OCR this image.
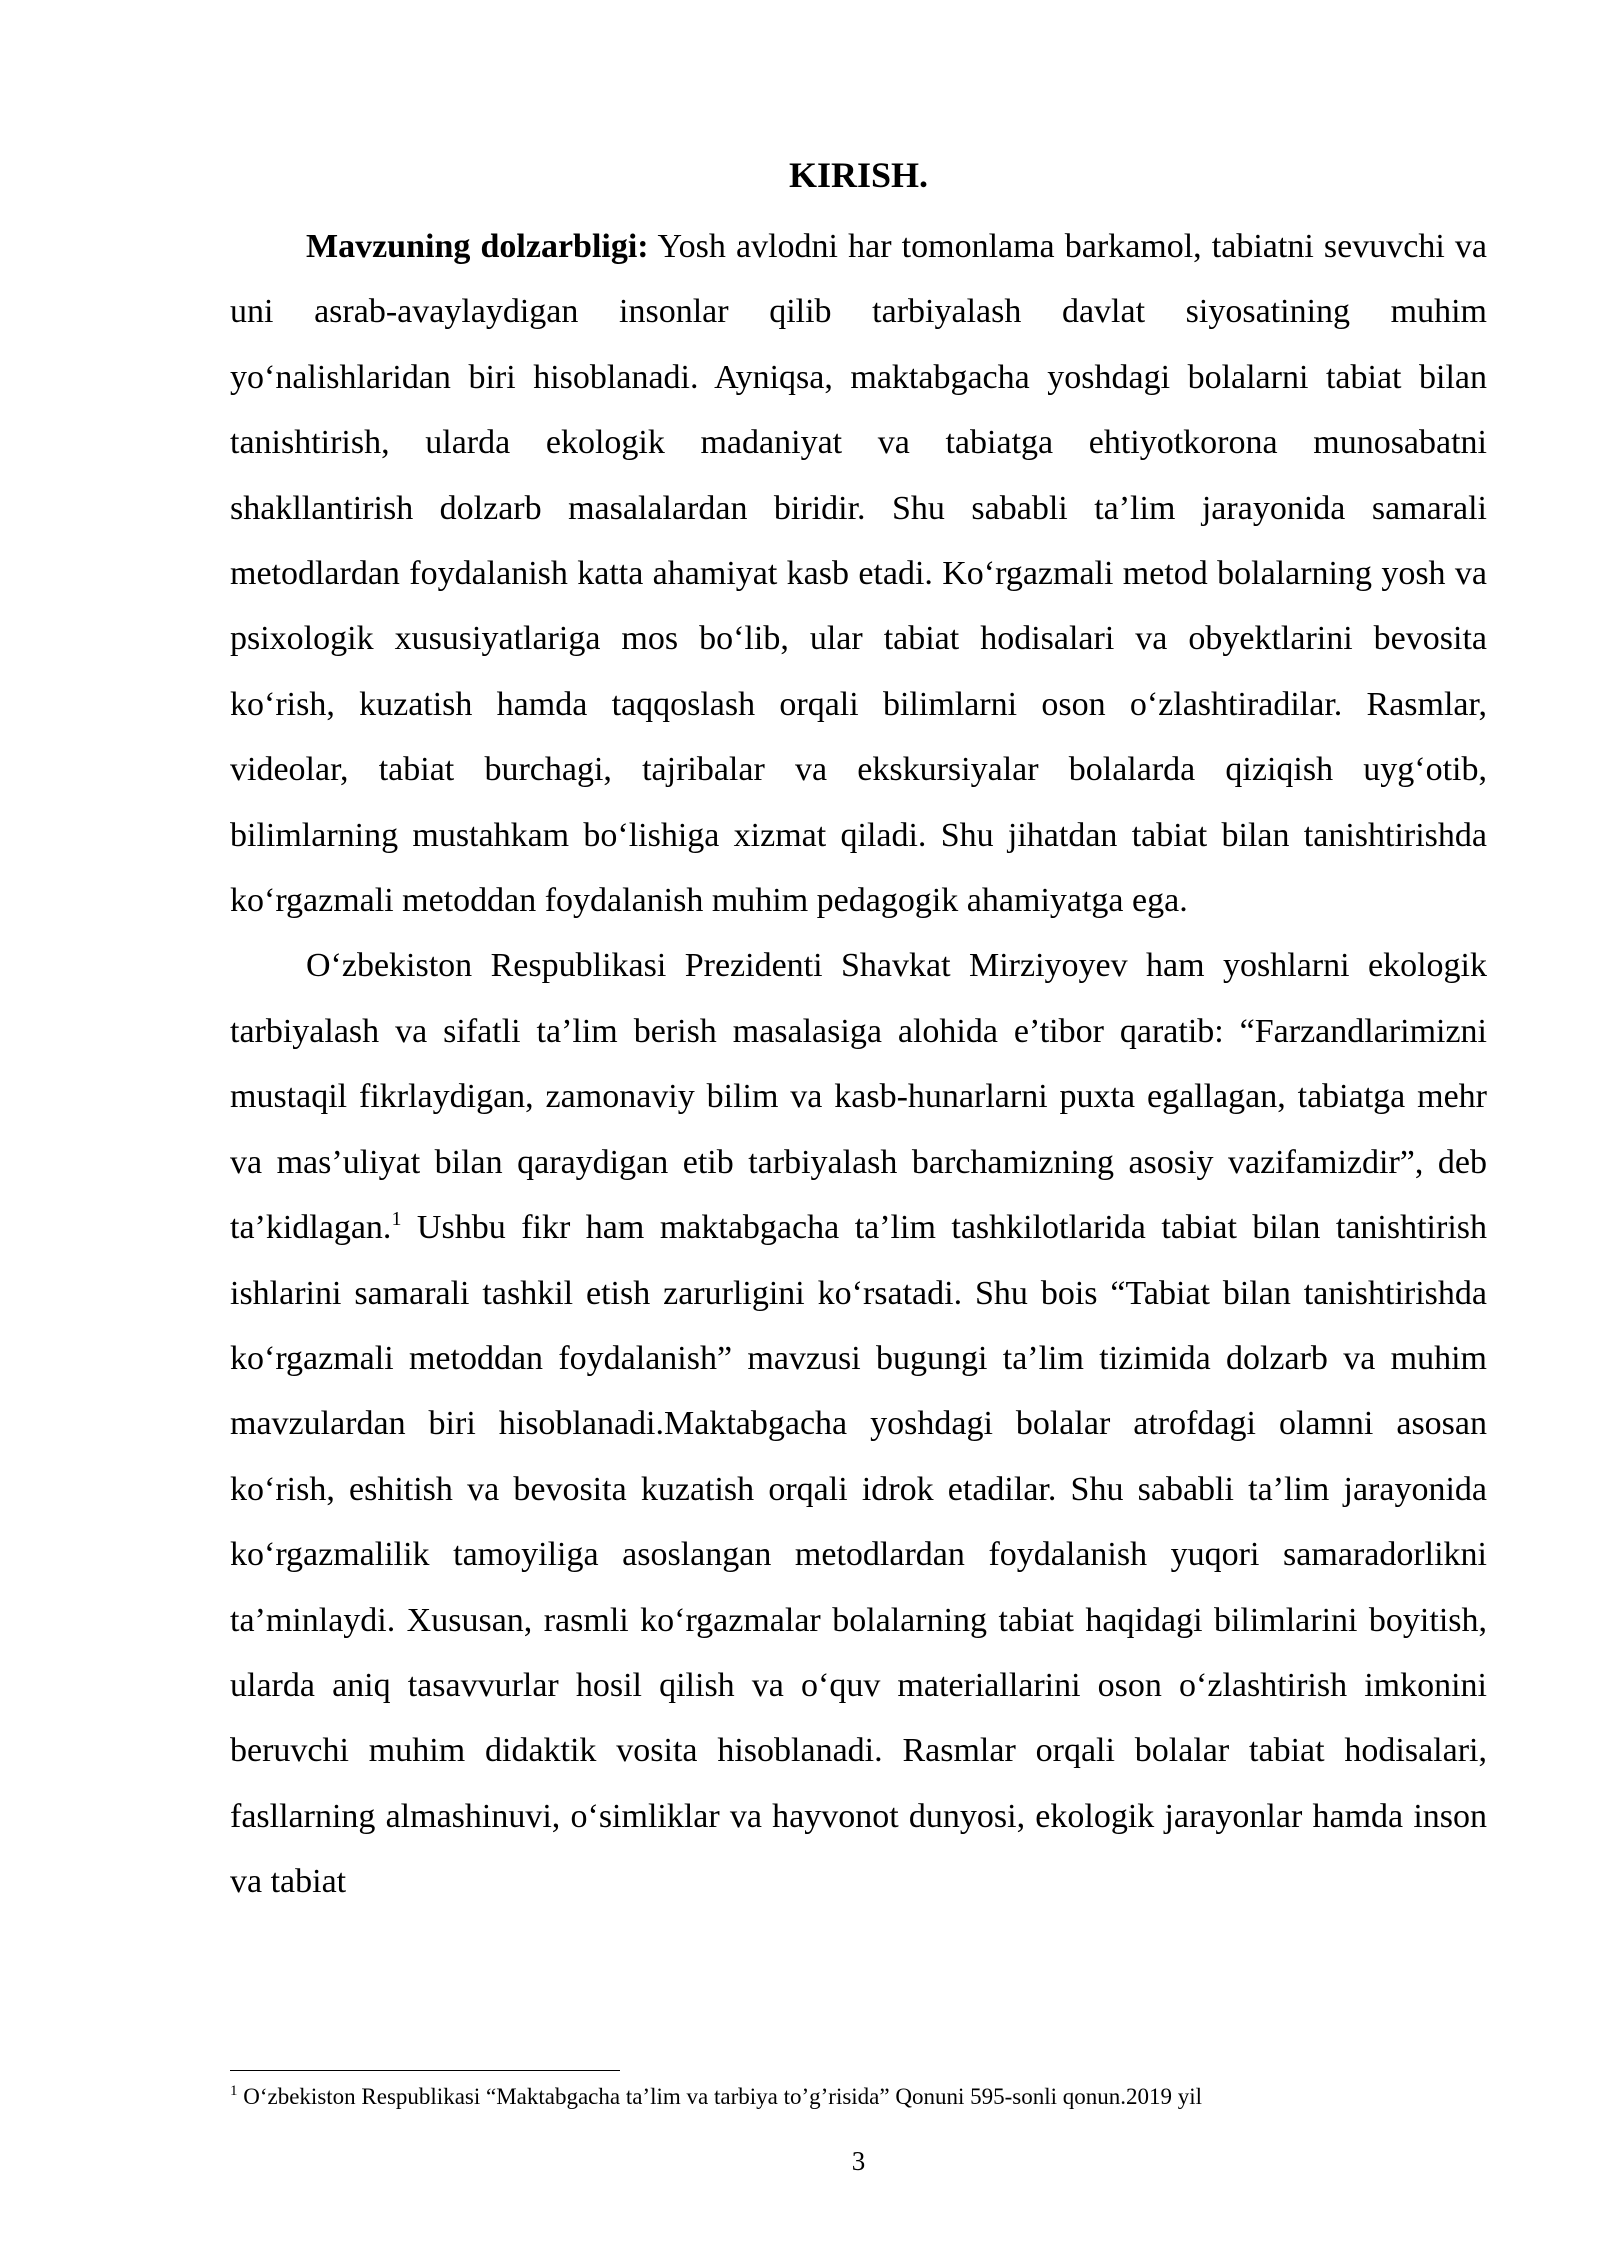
KIRISH.

Mavzuning dolzarbligi: Yosh avlodni har tomonlama barkamol, tabiatni sevuvchi va uni asrab-avaylaydigan insonlar qilib tarbiyalash davlat siyosatining muhim yo‘nalishlaridan biri hisoblanadi. Ayniqsa, maktabgacha yoshdagi bolalarni tabiat bilan tanishtirish, ularda ekologik madaniyat va tabiatga ehtiyotkorona munosabatni shakllantirish dolzarb masalalardan biridir. Shu sababli ta’lim jarayonida samarali metodlardan foydalanish katta ahamiyat kasb etadi. Ko‘rgazmali metod bolalarning yosh va psixologik xususiyatlariga mos bo‘lib, ular tabiat hodisalari va obyektlarini bevosita ko‘rish, kuzatish hamda taqqoslash orqali bilimlarni oson o‘zlashtiradilar. Rasmlar, videolar, tabiat burchagi, tajribalar va ekskursiyalar bolalarda qiziqish uyg‘otib, bilimlarning mustahkam bo‘lishiga xizmat qiladi. Shu jihatdan tabiat bilan tanishtirishda ko‘rgazmali metoddan foydalanish muhim pedagogik ahamiyatga ega.

O‘zbekiston Respublikasi Prezidenti Shavkat Mirziyoyev ham yoshlarni ekologik tarbiyalash va sifatli ta’lim berish masalasiga alohida e’tibor qaratib: “Farzandlarimizni mustaqil fikrlaydigan, zamonaviy bilim va kasb-hunarlarni puxta egallagan, tabiatga mehr va mas’uliyat bilan qaraydigan etib tarbiyalash barchamizning asosiy vazifamizdir”, deb ta’kidlagan.$^1$ Ushbu fikr ham maktabgacha ta’lim tashkilotlarida tabiat bilan tanishtirish ishlarini samarali tashkil etish zarurligini ko‘rsatadi. Shu bois “Tabiat bilan tanishtirishda ko‘rgazmali metoddan foydalanish” mavzusi bugungi ta’lim tizimida dolzarb va muhim mavzulardan biri hisoblanadi.Maktabgacha yoshdagi bolalar atrofdagi olamni asosan ko‘rish, eshitish va bevosita kuzatish orqali idrok etadilar. Shu sababli ta’lim jarayonida ko‘rgazmalilik tamoyiliga asoslangan metodlardan foydalanish yuqori samaradorlikni ta’minlaydi. Xususan, rasmli ko‘rgazmalar bolalarning tabiat haqidagi bilimlarini boyitish, ularda aniq tasavvurlar hosil qilish va o‘quv materiallarini oson o‘zlashtirish imkonini beruvchi muhim didaktik vosita hisoblanadi. Rasmlar orqali bolalar tabiat hodisalari, fasllarning almashinuvi, o‘simliklar va hayvonot dunyosi, ekologik jarayonlar hamda inson va tabiat

$^1$ O‘zbekiston Respublikasi “Maktabgacha ta’lim va tarbiya to’g’risida” Qonuni 595-sonli qonun.2019 yil
3
